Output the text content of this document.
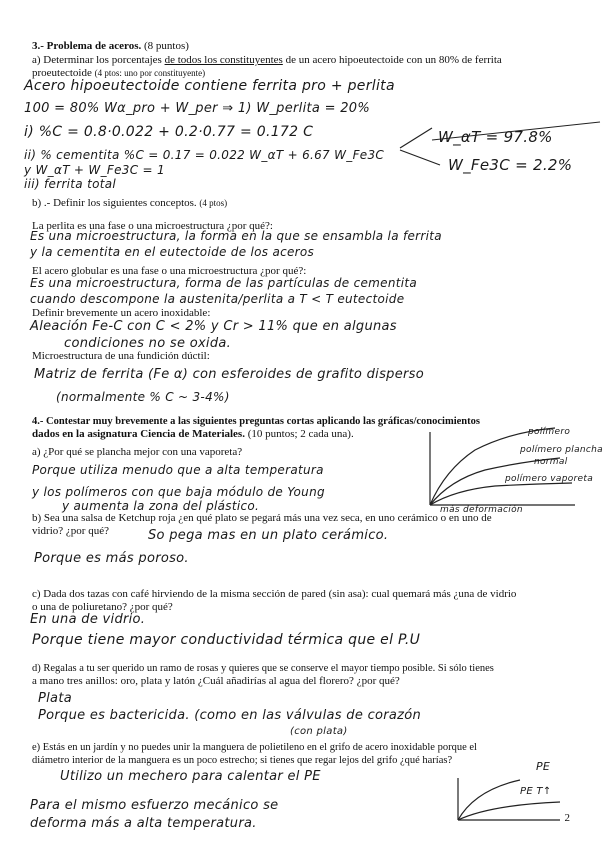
3.- Problema de aceros. (8 puntos)
a) Determinar los porcentajes de todos los constituyentes de un acero hipoeutectoide con un 80% de ferrita
proeutectoide (4 ptos: uno por constituyente)
Acero hipoeutectoide contiene ferrita pro + perlita
100 = 80% Wα_pro + W_per ⇒ 1) W_perlita = 20%
i) %C = 0.8·0.022 + 0.2·0.77 = 0.172 C
ii) % cementita %C = 0.17 = 0.022 W_αT + 6.67 W_Fe3C
y W_αT + W_Fe3C = 1
iii) ferrita total
W_αT = 97.8%
W_Fe3C = 2.2%
b) .- Definir los siguientes conceptos. (4 ptos)
La perlita es una fase o una microestructura ¿por qué?:
Es una microestructura, la forma en la que se ensambla la ferrita
y la cementita en el eutectoide de los aceros
El acero globular es una fase o una microestructura ¿por qué?:
Es una microestructura, forma de las partículas de cementita
cuando descompone la austenita/perlita a T < T eutectoide
Definir brevemente un acero inoxidable:
Aleación Fe-C con C < 2% y Cr > 11% que en algunas
condiciones no se oxida.
Microestructura de una fundición dúctil:
Matriz de ferrita (Fe α) con esferoides de grafito disperso
(normalmente % C ~ 3-4%)
4.- Contestar muy brevemente a las siguientes preguntas cortas aplicando las gráficas/conocimientos
dados en la asignatura Ciencia de Materiales. (10 puntos; 2 cada una).
a) ¿Por qué se plancha mejor con una vaporeta?
Porque utiliza menudo que a alta temperatura
y los polímeros con que baja módulo de Young
y aumenta la zona del plástico.
polímero
polímero plancha
normal
polímero vaporeta
más deformación
b) Sea una salsa de Ketchup roja ¿en qué plato se pegará más una vez seca, en uno cerámico o en uno de
vidrio? ¿por qué?	So pega mas en un plato cerámico.
Porque es más poroso.
c) Dada dos tazas con café hirviendo de la misma sección de pared (sin asa): cual quemará más ¿una de vidrio
o una de poliuretano? ¿por qué?
En una de vidrio.
Porque tiene mayor conductividad térmica que el P.U
d) Regalas a tu ser querido un ramo de rosas y quieres que se conserve el mayor tiempo posible. Si sólo tienes
a mano tres anillos: oro, plata y latón ¿Cuál añadirías al agua del florero? ¿por qué?
Plata
Porque es bactericida. (como en las válvulas de corazón
(con plata)
e) Estás en un jardín y no puedes unir la manguera de polietileno en el grifo de acero inoxidable porque el
diámetro interior de la manguera es un poco estrecho; si tienes que regar lejos del grifo ¿qué harías?
Utilizo un mechero para calentar el PE
Para el mismo esfuerzo mecánico se
deforma más a alta temperatura.
PE
PE T↑
2
